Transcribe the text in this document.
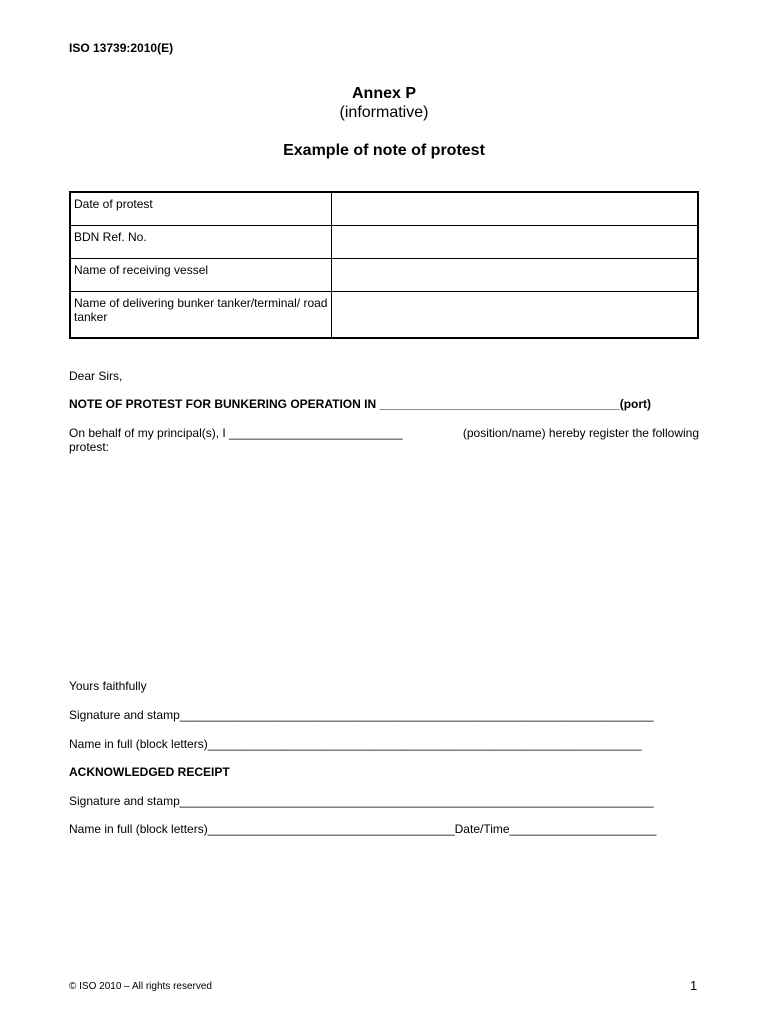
ISO 13739:2010(E)
Annex P
(informative)
Example of note of protest
Date of protest	
BDN Ref. No.	
Name of receiving vessel	
Name of delivering bunker tanker/terminal/ road tanker	
Dear Sirs,
NOTE OF PROTEST FOR BUNKERING OPERATION IN ____________________________________(port)
On behalf of my principal(s), I __________________________	(position/name) hereby register the following
protest:
Yours faithfully
Signature and stamp_______________________________________________________________________
Name in full (block letters)_________________________________________________________________
ACKNOWLEDGED RECEIPT
Signature and stamp_______________________________________________________________________
Name in full (block letters)_____________________________________Date/Time______________________
© ISO 2010 – All rights reserved	1
